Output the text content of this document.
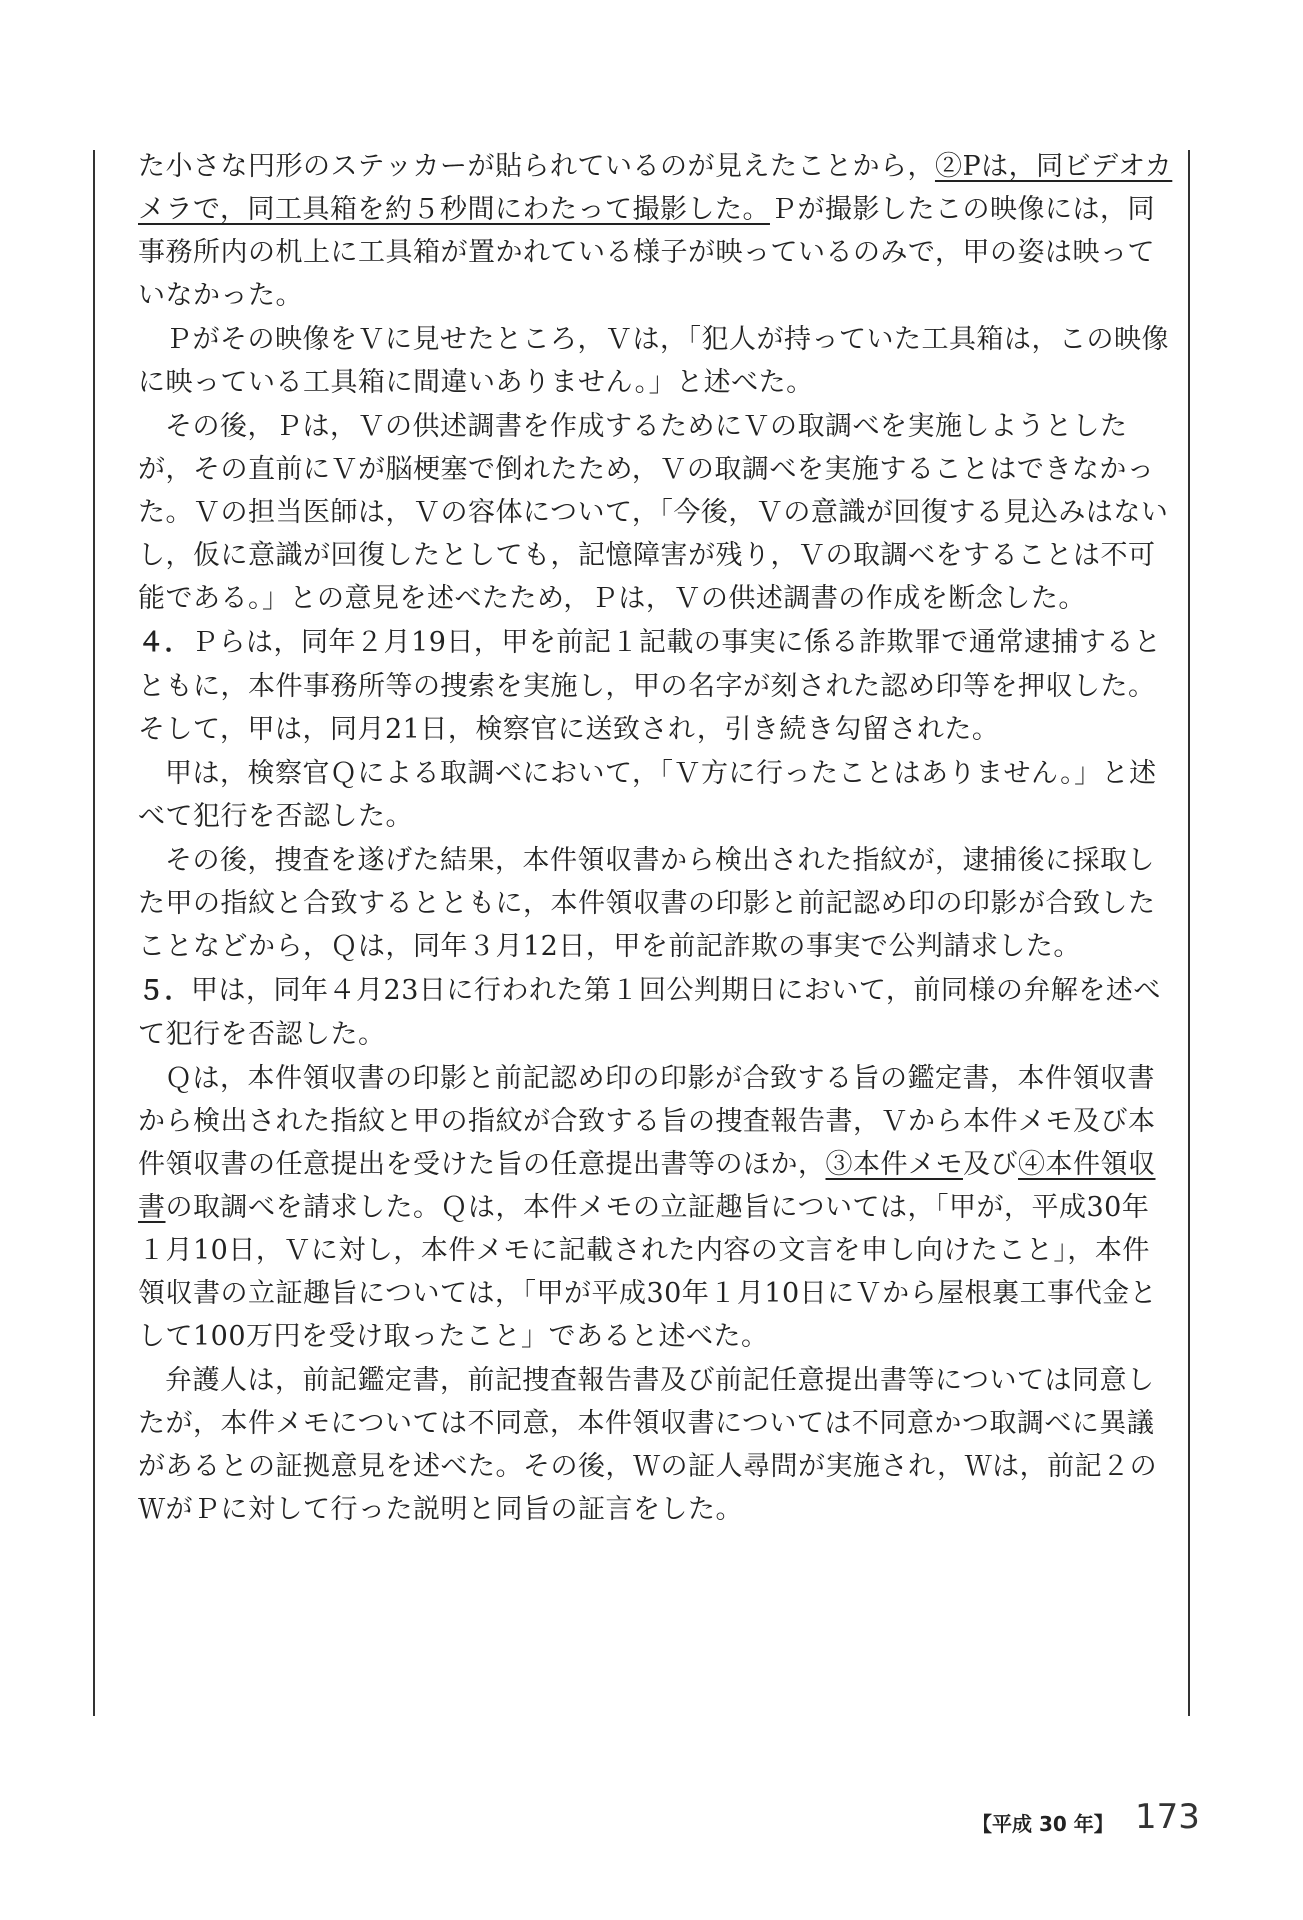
た小さな円形のステッカーが貼られているのが見えたことから，②Pは，同ビデオカメラで，同工具箱を約５秒間にわたって撮影した。Ｐが撮影したこの映像には，同事務所内の机上に工具箱が置かれている様子が映っているのみで，甲の姿は映っていなかった。

Ｐがその映像をＶに見せたところ，Ｖは，「犯人が持っていた工具箱は，この映像に映っている工具箱に間違いありません。」と述べた。

その後，Ｐは，Ｖの供述調書を作成するためにＶの取調べを実施しようとしたが，その直前にＶが脳梗塞で倒れたため，Ｖの取調べを実施することはできなかった。Ｖの担当医師は，Ｖの容体について，「今後，Ｖの意識が回復する見込みはないし，仮に意識が回復したとしても，記憶障害が残り，Ｖの取調べをすることは不可能である。」との意見を述べたため，Ｐは，Ｖの供述調書の作成を断念した。

４．Ｐらは，同年２月19日，甲を前記１記載の事実に係る詐欺罪で通常逮捕するとともに，本件事務所等の捜索を実施し，甲の名字が刻された認め印等を押収した。そして，甲は，同月21日，検察官に送致され，引き続き勾留された。

甲は，検察官Ｑによる取調べにおいて，「Ｖ方に行ったことはありません。」と述べて犯行を否認した。

その後，捜査を遂げた結果，本件領収書から検出された指紋が，逮捕後に採取した甲の指紋と合致するとともに，本件領収書の印影と前記認め印の印影が合致したことなどから，Ｑは，同年３月12日，甲を前記詐欺の事実で公判請求した。

５．甲は，同年４月23日に行われた第１回公判期日において，前同様の弁解を述べて犯行を否認した。

Ｑは，本件領収書の印影と前記認め印の印影が合致する旨の鑑定書，本件領収書から検出された指紋と甲の指紋が合致する旨の捜査報告書，Ｖから本件メモ及び本件領収書の任意提出を受けた旨の任意提出書等のほか，③本件メモ及び④本件領収書の取調べを請求した。Ｑは，本件メモの立証趣旨については，「甲が，平成30年１月10日，Ｖに対し，本件メモに記載された内容の文言を申し向けたこと」，本件領収書の立証趣旨については，「甲が平成30年１月10日にＶから屋根裏工事代金として100万円を受け取ったこと」であると述べた。

弁護人は，前記鑑定書，前記捜査報告書及び前記任意提出書等については同意したが，本件メモについては不同意，本件領収書については不同意かつ取調べに異議があるとの証拠意見を述べた。その後，Ｗの証人尋問が実施され，Ｗは，前記２のＷがＰに対して行った説明と同旨の証言をした。

【平成 30 年】 173
